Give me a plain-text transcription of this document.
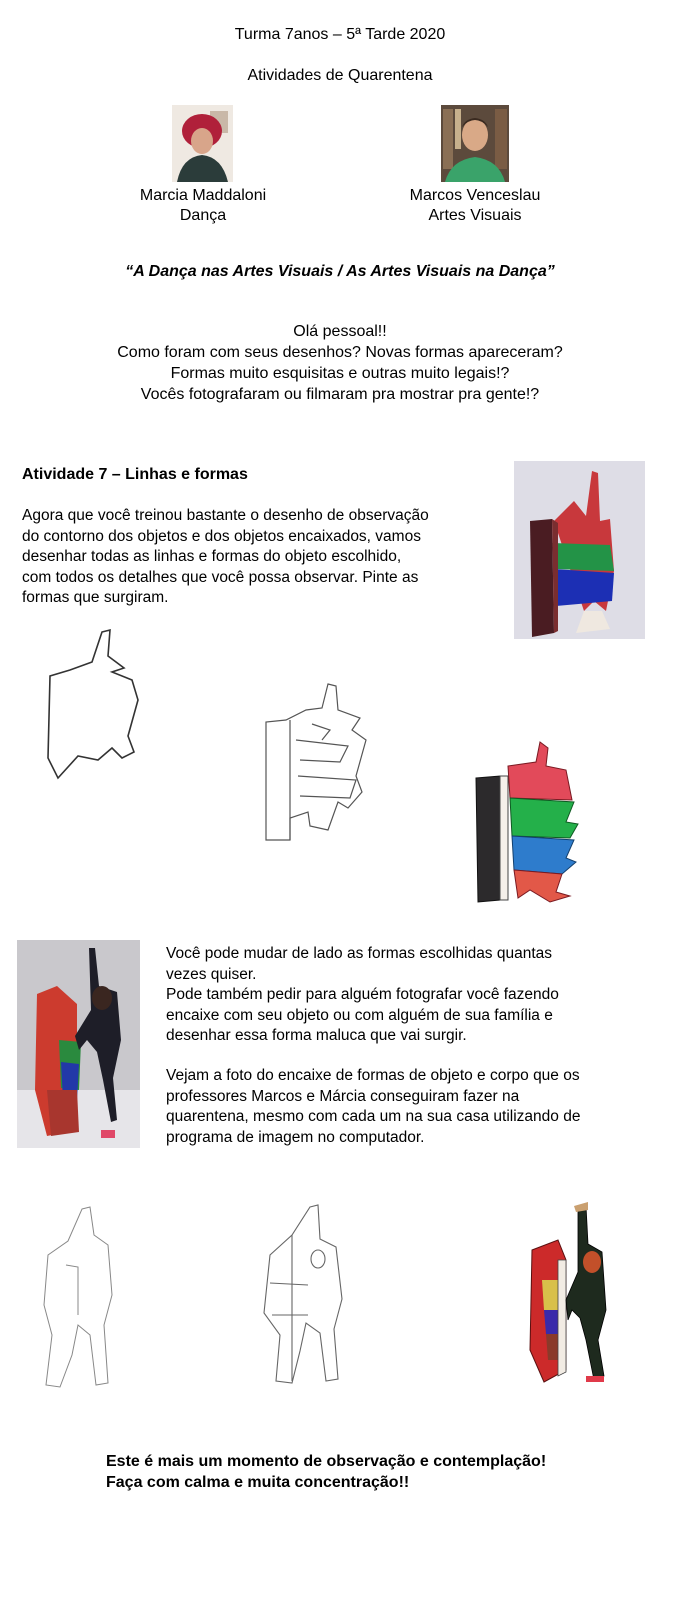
Turma 7anos – 5ª Tarde 2020
Atividades de Quarentena
Marcia Maddaloni
Dança
Marcos Venceslau
Artes Visuais
“A Dança nas Artes Visuais / As Artes Visuais na Dança”
Olá pessoal!!
Como foram com seus desenhos? Novas formas apareceram?
Formas muito esquisitas e outras muito legais!?
Vocês fotografaram ou filmaram pra mostrar pra gente!?
Atividade 7 – Linhas e formas
Agora que você treinou bastante o desenho de observação
do contorno dos objetos e dos objetos encaixados, vamos
desenhar todas as linhas e formas do objeto escolhido,
com todos os detalhes que você possa observar. Pinte as
formas que surgiram.
Você pode mudar de lado as formas escolhidas quantas
vezes quiser.
Pode também pedir para alguém fotografar você fazendo
encaixe com seu objeto ou com alguém de sua família e
desenhar essa forma maluca que vai surgir.
Vejam a foto do encaixe de formas de objeto e corpo que os
professores Marcos e Márcia conseguiram fazer na
quarentena, mesmo com cada um na sua casa utilizando de
programa de imagem no computador.
Este é mais um momento de observação e contemplação!
Faça com calma e muita concentração!!
